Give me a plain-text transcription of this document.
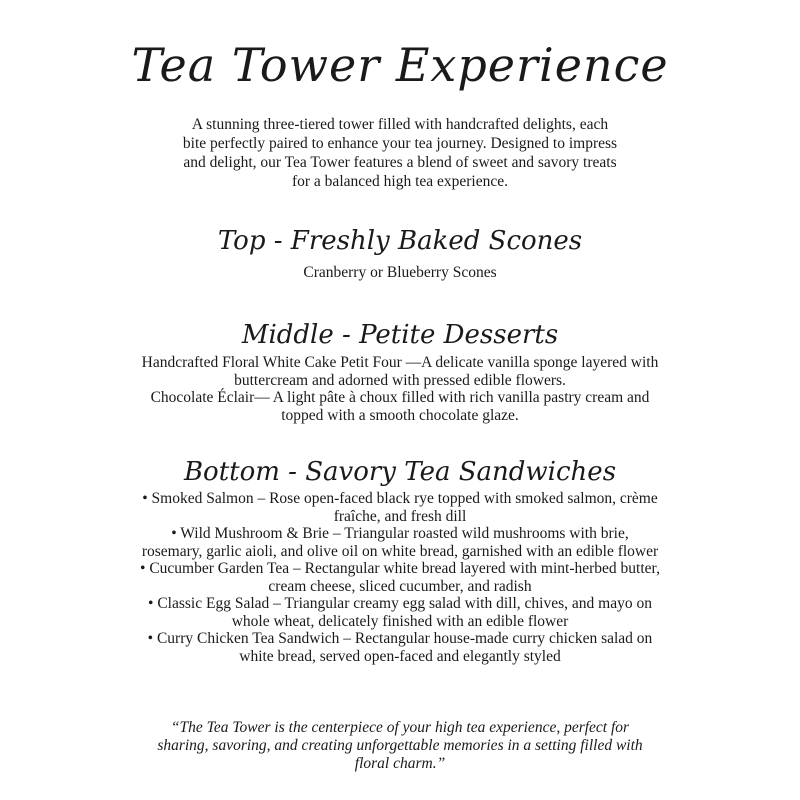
Tea Tower Experience
A stunning three-tiered tower filled with handcrafted delights, each bite perfectly paired to enhance your tea journey. Designed to impress and delight, our Tea Tower features a blend of sweet and savory treats for a balanced high tea experience.
Top - Freshly Baked Scones

Cranberry or Blueberry Scones

Middle - Petite Desserts

Handcrafted Floral White Cake Petit Four —A delicate vanilla sponge layered with buttercream and adorned with pressed edible flowers.

Chocolate Éclair— A light pâte à choux filled with rich vanilla pastry cream and topped with a smooth chocolate glaze.

Bottom - Savory Tea Sandwiches

• Smoked Salmon – Rose open-faced black rye topped with smoked salmon, crème fraîche, and fresh dill

• Wild Mushroom & Brie – Triangular roasted wild mushrooms with brie, rosemary, garlic aioli, and olive oil on white bread, garnished with an edible flower

• Cucumber Garden Tea – Rectangular white bread layered with mint-herbed butter, cream cheese, sliced cucumber, and radish

• Classic Egg Salad – Triangular creamy egg salad with dill, chives, and mayo on whole wheat, delicately finished with an edible flower

• Curry Chicken Tea Sandwich – Rectangular house-made curry chicken salad on white bread, served open-faced and elegantly styled

“The Tea Tower is the centerpiece of your high tea experience, perfect for sharing, savoring, and creating unforgettable memories in a setting filled with floral charm.”
